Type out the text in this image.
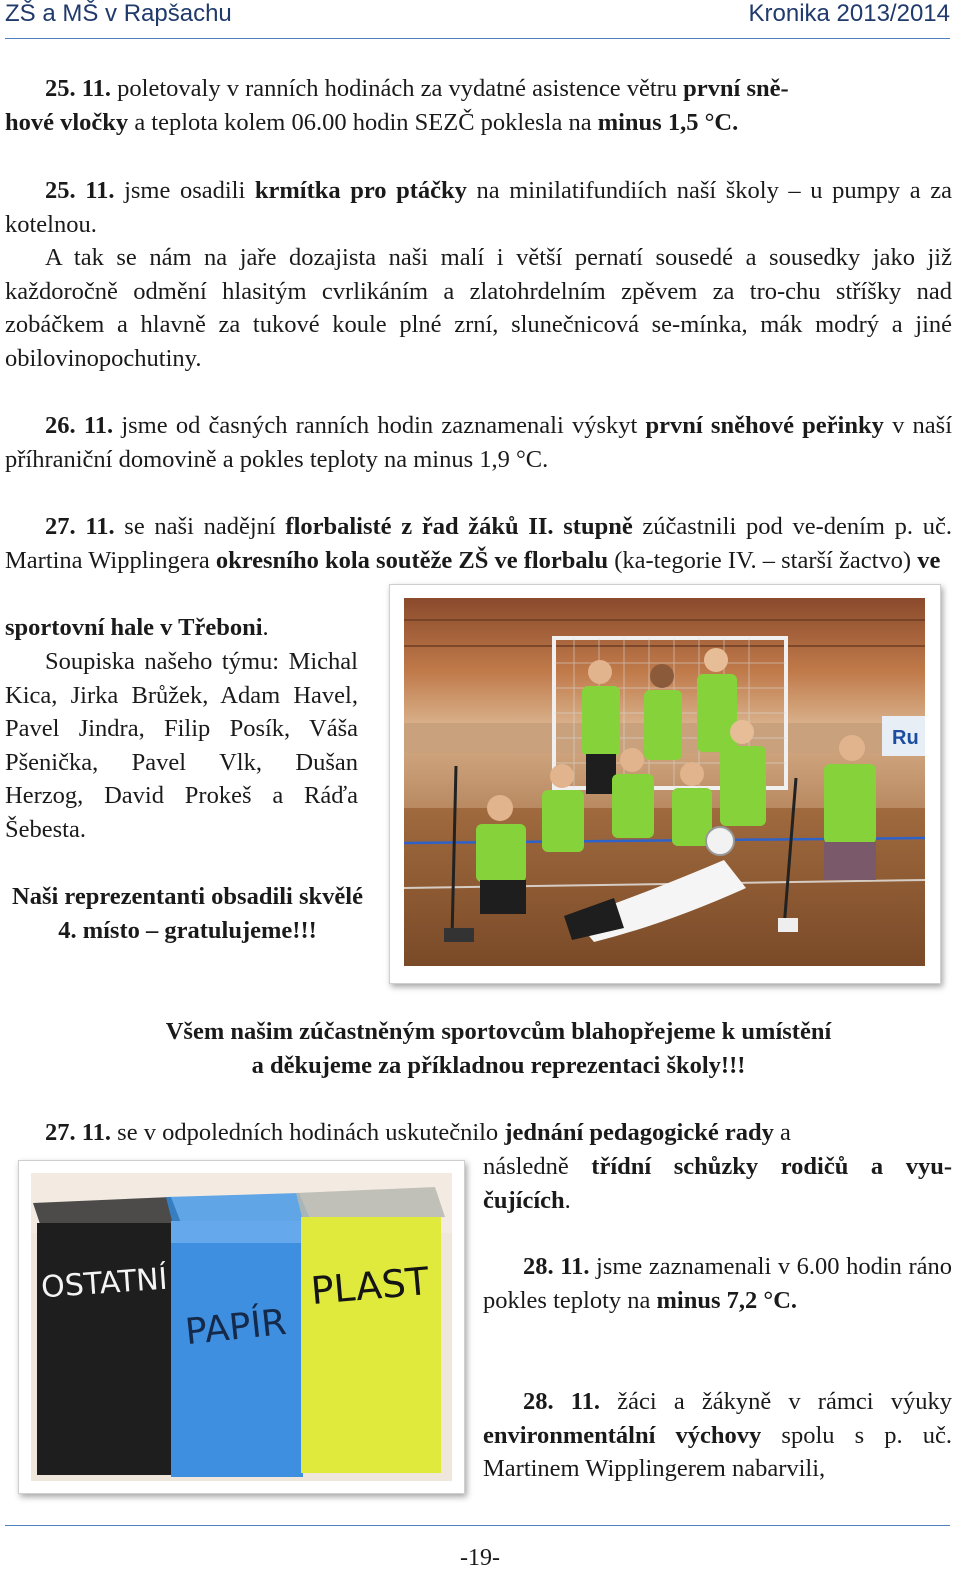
ZŠ a MŠ v Rapšachu	Kronika 2013/2014

25. 11. poletovaly v ranních hodinách za vydatné asistence větru první sně-
hové vločky a teplota kolem 06.00 hodin SEZČ poklesla na minus 1,5 °C.

25. 11. jsme osadili krmítka pro ptáčky na minilatifundiích naší školy – u pumpy a za kotelnou.

A tak se nám na jaře dozajista naši malí i větší pernatí sousedé a sousedky jako již každoročně odmění hlasitým cvrlikáním a zlatohrdelním zpěvem za tro-chu stříšky nad zobáčkem a hlavně za tukové koule plné zrní, slunečnicová se-mínka, mák modrý a jiné obilovinopochutiny.

26. 11. jsme od časných ranních hodin zaznamenali výskyt první sněhové peřinky v naší příhraniční domovině a pokles teploty na minus 1,9 °C.

27. 11. se naši nadějní florbalisté z řad žáků II. stupně zúčastnili pod ve-dením p. uč. Martina Wipplingera okresního kola soutěže ZŠ ve florbalu (ka-tegorie IV. – starší žactvo) ve

sportovní hale v Třeboni.

Soupiska našeho týmu: Michal Kica, Jirka Brůžek, Adam Havel, Pavel Jindra, Filip Posík, Váša Pšenička, Pavel Vlk, Dušan Herzog, David Prokeš a Ráďa Šebesta.

Naši reprezentanti obsadili skvělé 4. místo – gratulujeme!!!

Ru

Všem našim zúčastněným sportovcům blahopřejeme k umístění

a děkujeme za příkladnou reprezentaci školy!!!

27. 11. se v odpoledních hodinách uskutečnilo jednání pedagogické rady a

následně třídní schůzky rodičů a vyu-čujících.

28. 11. jsme zaznamenali v 6.00 hodin ráno pokles teploty na minus 7,2 °C.

28. 11. žáci a žákyně v rámci výuky environmentální výchovy spolu s p. uč. Martinem Wipplingerem nabarvili,

OSTATNÍ
PAPÍR
PLAST
-19-
